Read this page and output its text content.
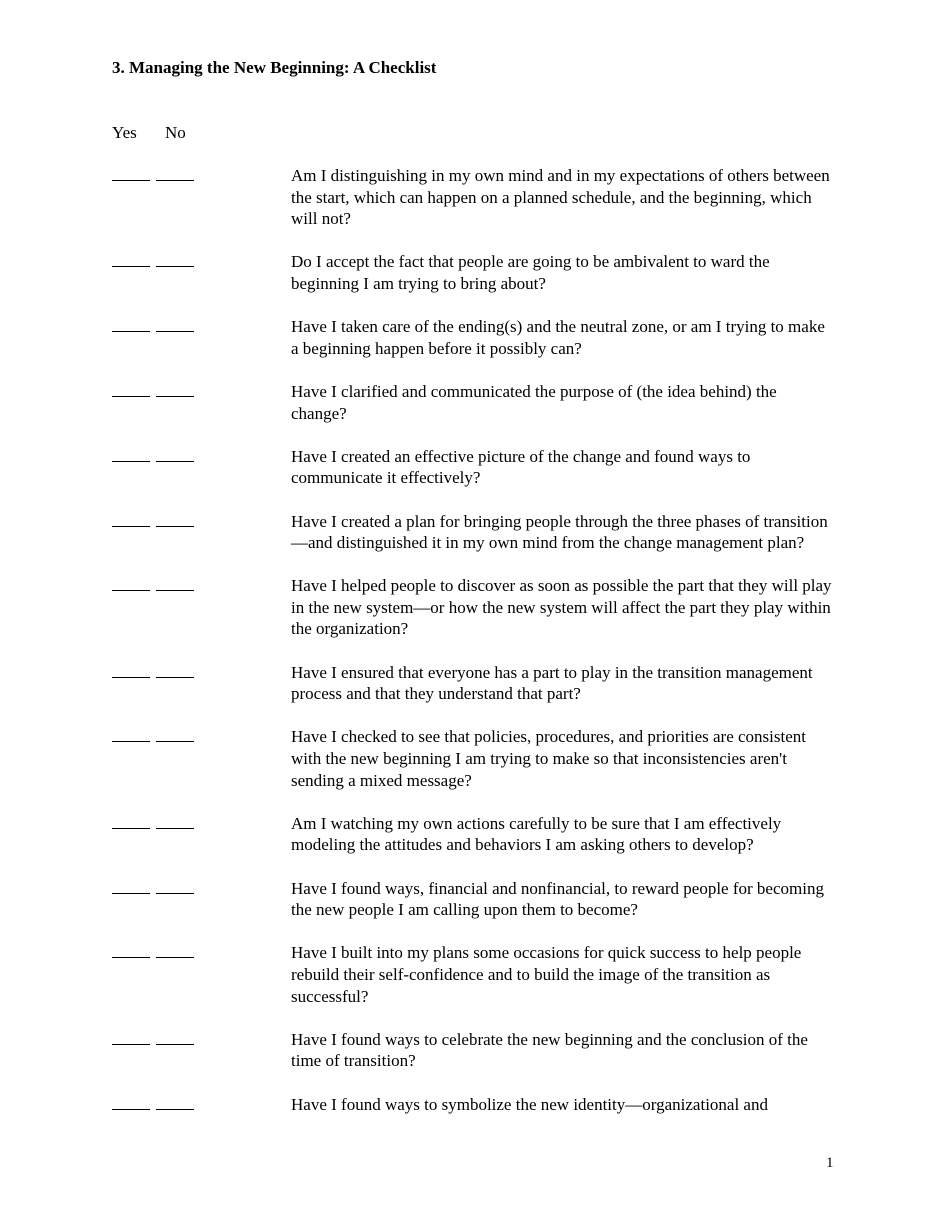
3. Managing the New Beginning: A Checklist
Yes No

Am I distinguishing in my own mind and in my expectations of others between the start, which can happen on a planned schedule, and the beginning, which will not?

Do I accept the fact that people are going to be ambivalent to ward the beginning I am trying to bring about?

Have I taken care of the ending(s) and the neutral zone, or am I trying to make a beginning happen before it possibly can?

Have I clarified and communicated the purpose of (the idea behind) the change?

Have I created an effective picture of the change and found ways to communicate it effectively?

Have I created a plan for bringing people through the three phases of transition—and distinguished it in my own mind from the change management plan?

Have I helped people to discover as soon as possible the part that they will play in the new system—or how the new system will affect the part they play within the organization?

Have I ensured that everyone has a part to play in the transition management process and that they understand that part?

Have I checked to see that policies, procedures, and priorities are consistent with the new beginning I am trying to make so that inconsistencies aren't sending a mixed message?

Am I watching my own actions carefully to be sure that I am effectively modeling the attitudes and behaviors I am asking others to develop?

Have I found ways, financial and nonfinancial, to reward people for becoming the new people I am calling upon them to become?

Have I built into my plans some occasions for quick success to help people rebuild their self-confidence and to build the image of the transition as successful?

Have I found ways to celebrate the new beginning and the conclusion of the time of transition?

Have I found ways to symbolize the new identity—organizational and

1
